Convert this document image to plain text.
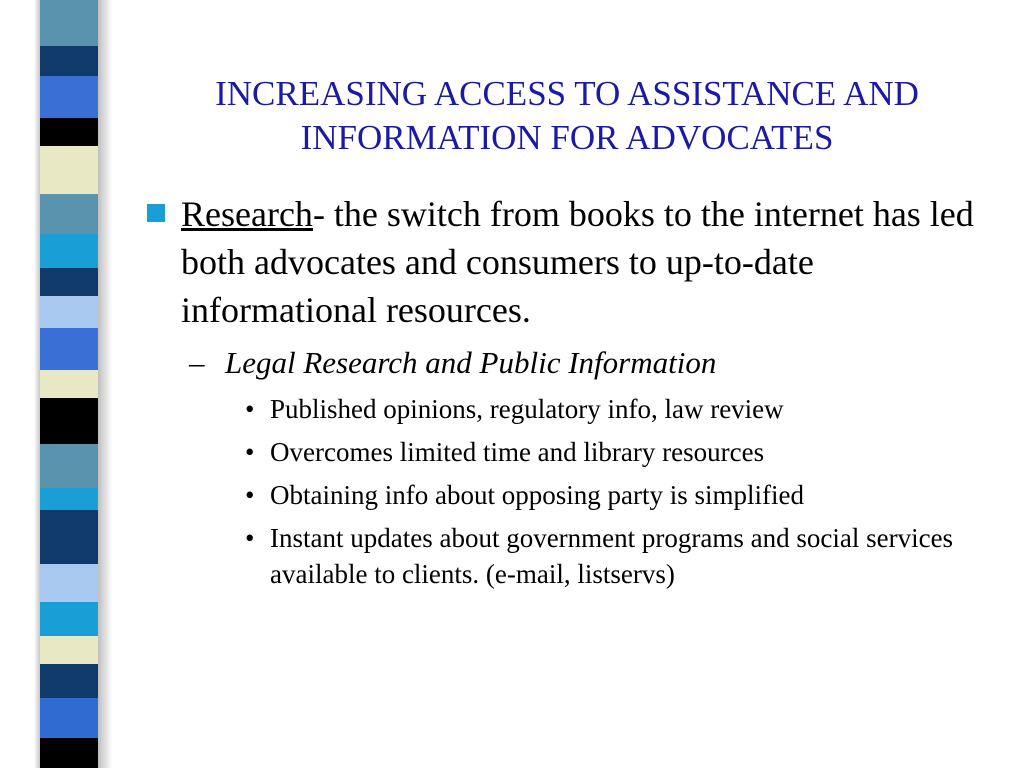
INCREASING ACCESS TO ASSISTANCE AND
INFORMATION FOR ADVOCATES
Research- the switch from books to the internet has led both advocates and consumers to up-to-date informational resources.
– Legal Research and Public Information
• Published opinions, regulatory info, law review
• Overcomes limited time and library resources
• Obtaining info about opposing party is simplified
• Instant updates about government programs and social services available to clients. (e-mail, listservs)
